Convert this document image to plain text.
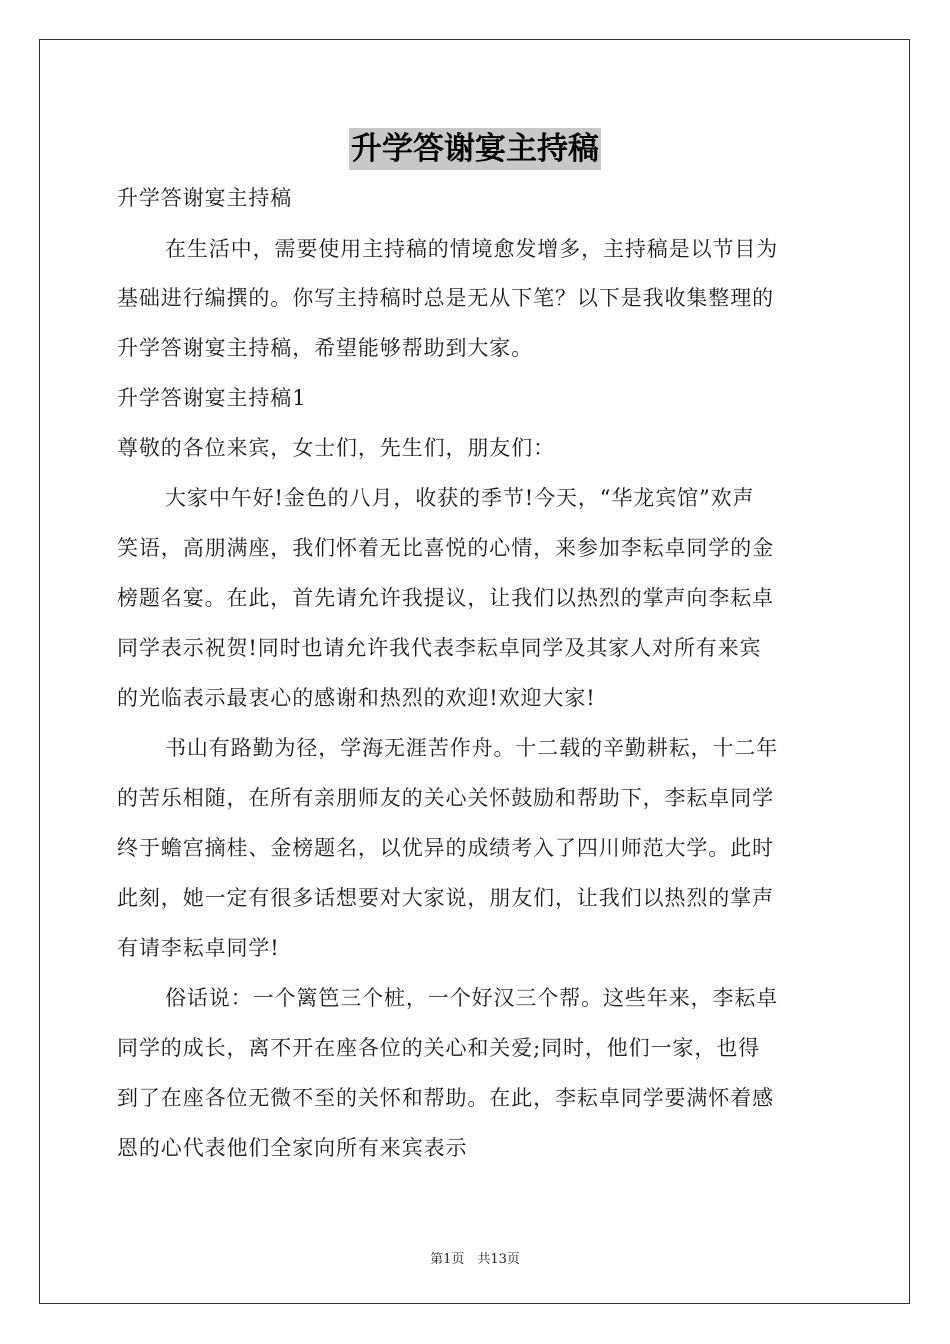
升学答谢宴主持稿
升学答谢宴主持稿
在生活中，需要使用主持稿的情境愈发增多，主持稿是以节目为
基础进行编撰的。你写主持稿时总是无从下笔？以下是我收集整理的
升学答谢宴主持稿，希望能够帮助到大家。
升学答谢宴主持稿1
尊敬的各位来宾，女士们，先生们，朋友们：
大家中午好!金色的八月，收获的季节!今天，“华龙宾馆”欢声
笑语，高朋满座，我们怀着无比喜悦的心情，来参加李耘卓同学的金
榜题名宴。在此，首先请允许我提议，让我们以热烈的掌声向李耘卓
同学表示祝贺!同时也请允许我代表李耘卓同学及其家人对所有来宾
的光临表示最衷心的感谢和热烈的欢迎!欢迎大家!
书山有路勤为径，学海无涯苦作舟。十二载的辛勤耕耘，十二年
的苦乐相随，在所有亲朋师友的关心关怀鼓励和帮助下，李耘卓同学
终于蟾宫摘桂、金榜题名，以优异的成绩考入了四川师范大学。此时
此刻，她一定有很多话想要对大家说，朋友们，让我们以热烈的掌声
有请李耘卓同学!
俗话说：一个篱笆三个桩，一个好汉三个帮。这些年来，李耘卓
同学的成长，离不开在座各位的关心和关爱;同时，他们一家，也得
到了在座各位无微不至的关怀和帮助。在此，李耘卓同学要满怀着感
恩的心代表他们全家向所有来宾表示
第1页　共13页
